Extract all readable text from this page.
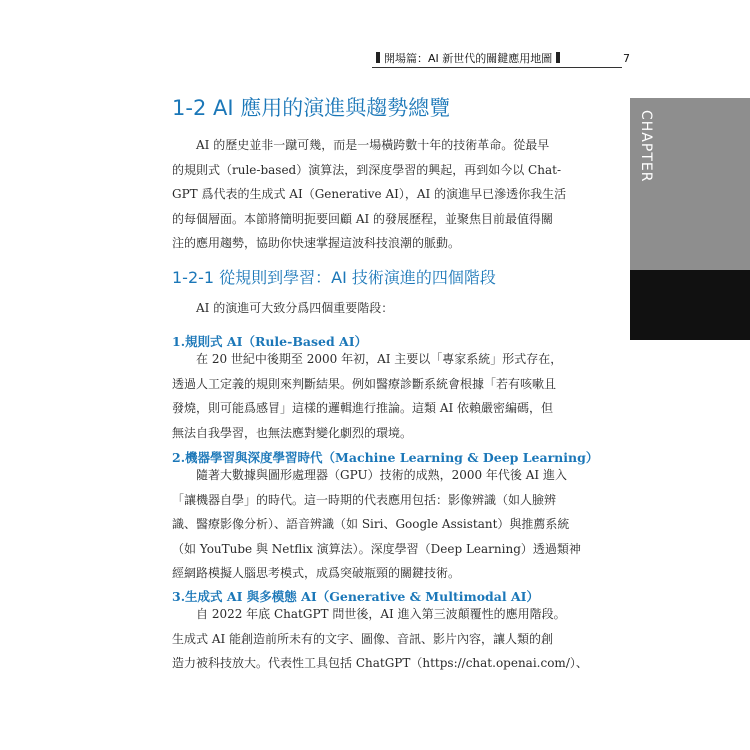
開場篇：AI 新世代的關鍵應用地圖	7
CHAPTER
1
1-2 AI 應用的演進與趨勢總覽
AI 的歷史並非一蹴可幾，而是一場橫跨數十年的技術革命。從最早
的規則式（rule-based）演算法，到深度學習的興起，再到如今以 Chat-
GPT 爲代表的生成式 AI（Generative AI），AI 的演進早已滲透你我生活
的每個層面。本節將簡明扼要回顧 AI 的發展歷程，並聚焦目前最值得關
注的應用趨勢，協助你快速掌握這波科技浪潮的脈動。
1-2-1 從規則到學習：AI 技術演進的四個階段
AI 的演進可大致分爲四個重要階段：
1.規則式 AI（Rule-Based AI）
在 20 世紀中後期至 2000 年初，AI 主要以「專家系統」形式存在，
透過人工定義的規則來判斷結果。例如醫療診斷系統會根據「若有咳嗽且
發燒，則可能爲感冒」這樣的邏輯進行推論。這類 AI 依賴嚴密編碼，但
無法自我學習，也無法應對變化劇烈的環境。
2.機器學習與深度學習時代（Machine Learning & Deep Learning）
隨著大數據與圖形處理器（GPU）技術的成熟，2000 年代後 AI 進入
「讓機器自學」的時代。這一時期的代表應用包括：影像辨識（如人臉辨
識、醫療影像分析）、語音辨識（如 Siri、Google Assistant）與推薦系統
（如 YouTube 與 Netflix 演算法）。深度學習（Deep Learning）透過類神
經網路模擬人腦思考模式，成爲突破瓶頸的關鍵技術。
3.生成式 AI 與多模態 AI（Generative & Multimodal AI）
自 2022 年底 ChatGPT 問世後，AI 進入第三波顛覆性的應用階段。
生成式 AI 能創造前所未有的文字、圖像、音訊、影片內容，讓人類的創
造力被科技放大。代表性工具包括 ChatGPT（https://chat.openai.com/）、
